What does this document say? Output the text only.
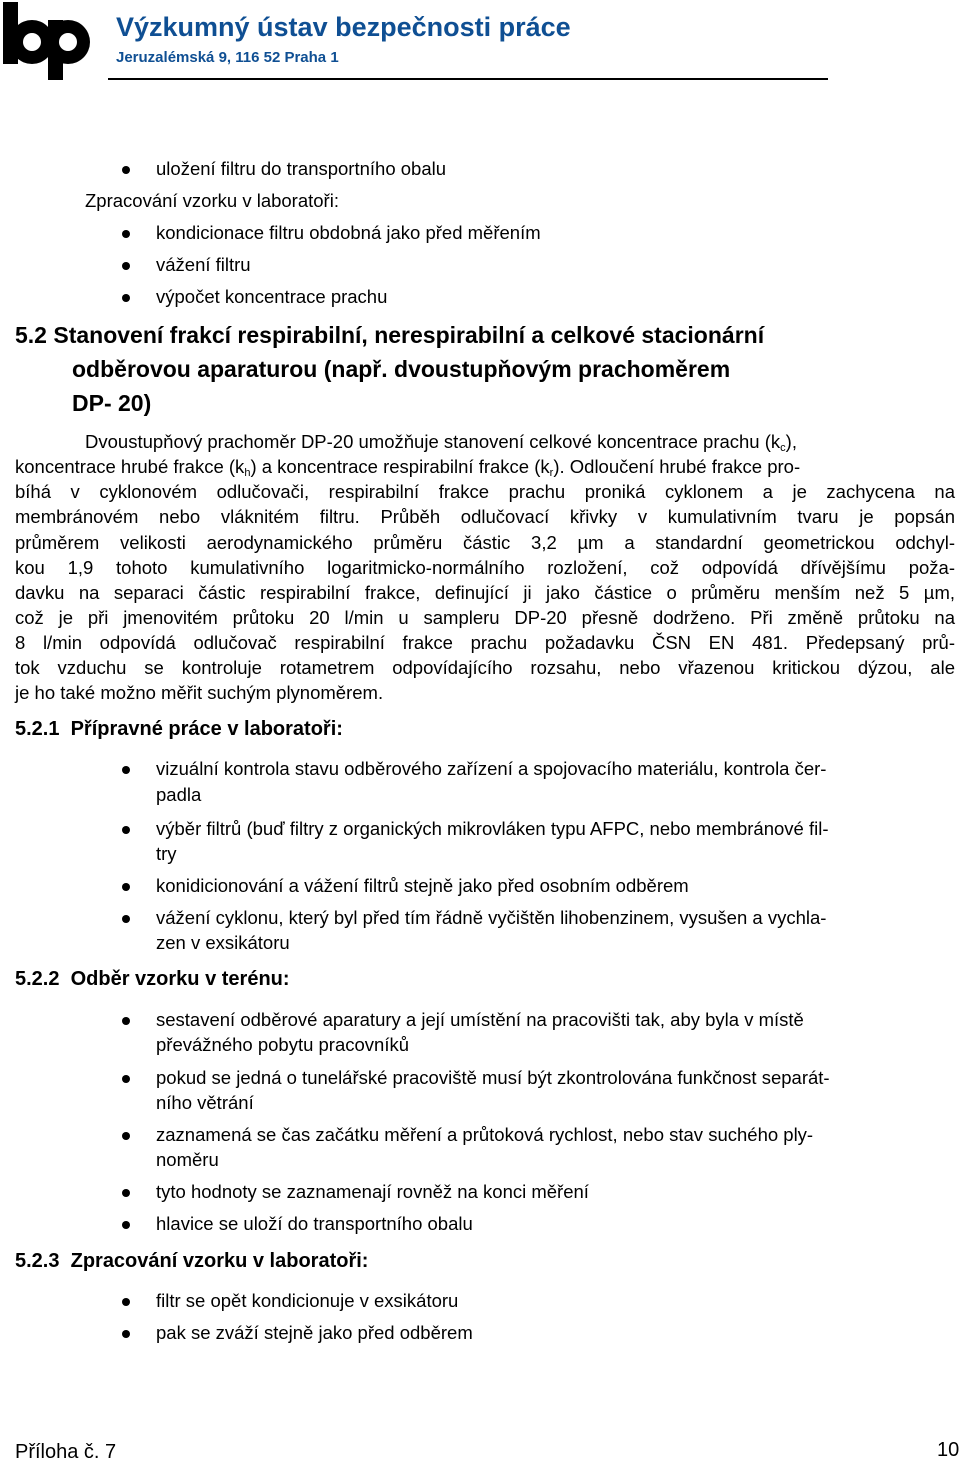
Výzkumný ústav bezpečnosti práce
Jeruzalémská 9, 116 52 Praha 1
uložení filtru do transportního obalu
Zpracování vzorku v laboratoři:
kondicionace filtru obdobná jako před měřením
vážení filtru
výpočet koncentrace prachu
5.2 Stanovení frakcí respirabilní, nerespirabilní a celkové stacionární
odběrovou aparaturou (např. dvoustupňovým prachoměrem
DP- 20)
Dvoustupňový prachoměr DP-20 umožňuje stanovení celkové koncentrace prachu $(k_c)$,
koncentrace hrubé frakce $(k_h)$ a koncentrace respirabilní frakce $(k_r)$. Odloučení hrubé frakce pro-
bíhá v cyklonovém odlučovači, respirabilní frakce prachu proniká cyklonem a je zachycena na
membránovém nebo vláknitém filtru. Průběh odlučovací křivky v kumulativním tvaru je popsán
průměrem velikosti aerodynamického průměru částic 3,2 µm a standardní geometrickou odchyl-
kou 1,9 tohoto kumulativního logaritmicko-normálního rozložení, což odpovídá dřívějšímu poža-
davku na separaci částic respirabilní frakce, definující ji jako částice o průměru menším než 5 µm,
což je při jmenovitém průtoku 20 l/min u sampleru DP-20 přesně dodrženo. Při změně průtoku na
8 l/min odpovídá odlučovač respirabilní frakce prachu požadavku ČSN EN 481. Předepsaný prů-
tok vzduchu se kontroluje rotametrem odpovídajícího rozsahu, nebo vřazenou kritickou dýzou, ale
je ho také možno měřit suchým plynoměrem.
5.2.1  Přípravné práce v laboratoři:
vizuální kontrola stavu odběrového zařízení a spojovacího materiálu, kontrola čer-
padla
výběr filtrů (buď filtry z organických mikrovláken typu AFPC, nebo membránové fil-
try
konidicionování a vážení filtrů stejně jako před osobním odběrem
vážení cyklonu, který byl před tím řádně vyčištěn lihobenzinem, vysušen a vychla-
zen v exsikátoru
5.2.2  Odběr vzorku v terénu:
sestavení odběrové aparatury a její umístění na pracovišti tak, aby byla v místě
převážného pobytu pracovníků
pokud se jedná o tunelářské pracoviště musí být zkontrolována funkčnost separát-
ního větrání
zaznamená se čas začátku měření a průtoková rychlost, nebo stav suchého ply-
noměru
tyto hodnoty se zaznamenají rovněž na konci měření
hlavice se uloží do transportního obalu
5.2.3  Zpracování vzorku v laboratoři:
filtr se opět kondicionuje v exsikátoru
pak se zváží stejně jako před odběrem
Příloha č. 7	10
